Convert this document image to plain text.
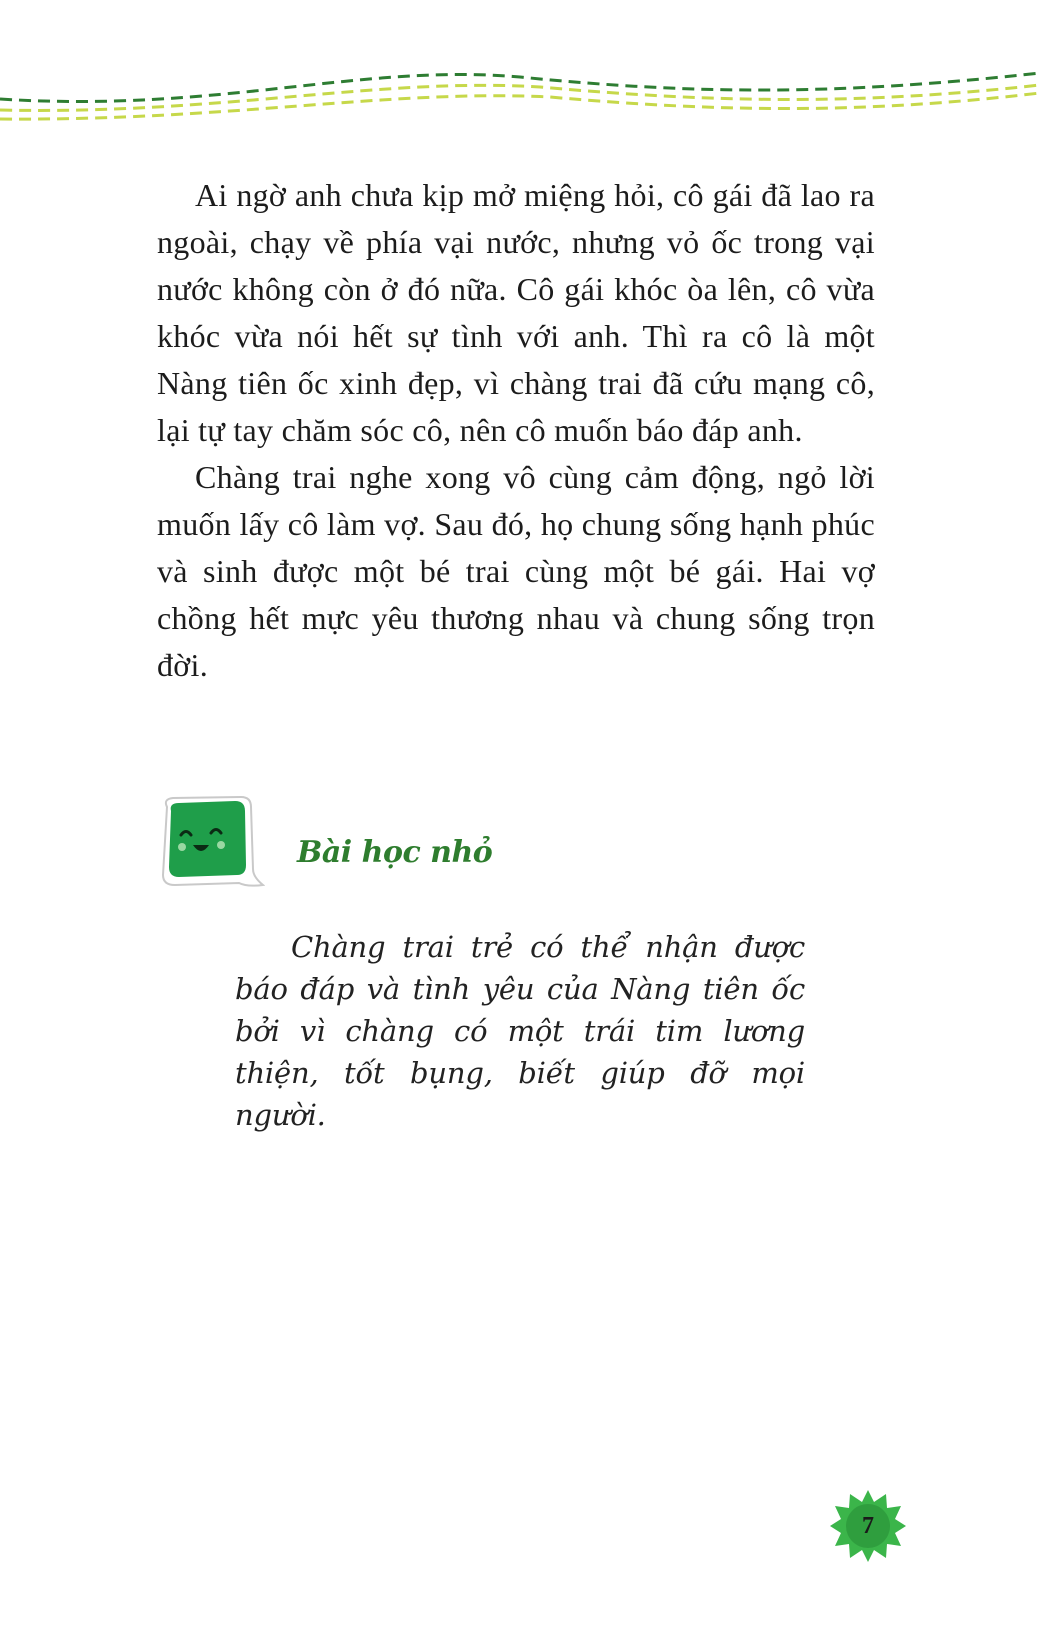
Ai ngờ anh chưa kịp mở miệng hỏi, cô gái đã lao ra ngoài, chạy về phía vại nước, nhưng vỏ ốc trong vại nước không còn ở đó nữa. Cô gái khóc òa lên, cô vừa khóc vừa nói hết sự tình với anh. Thì ra cô là một Nàng tiên ốc xinh đẹp, vì chàng trai đã cứu mạng cô, lại tự tay chăm sóc cô, nên cô muốn báo đáp anh.

Chàng trai nghe xong vô cùng cảm động, ngỏ lời muốn lấy cô làm vợ. Sau đó, họ chung sống hạnh phúc và sinh được một bé trai cùng một bé gái. Hai vợ chồng hết mực yêu thương nhau và chung sống trọn đời.

Bài học nhỏ

Chàng trai trẻ có thể nhận được báo đáp và tình yêu của Nàng tiên ốc bởi vì chàng có một trái tim lương thiện, tốt bụng, biết giúp đỡ mọi người.

7
